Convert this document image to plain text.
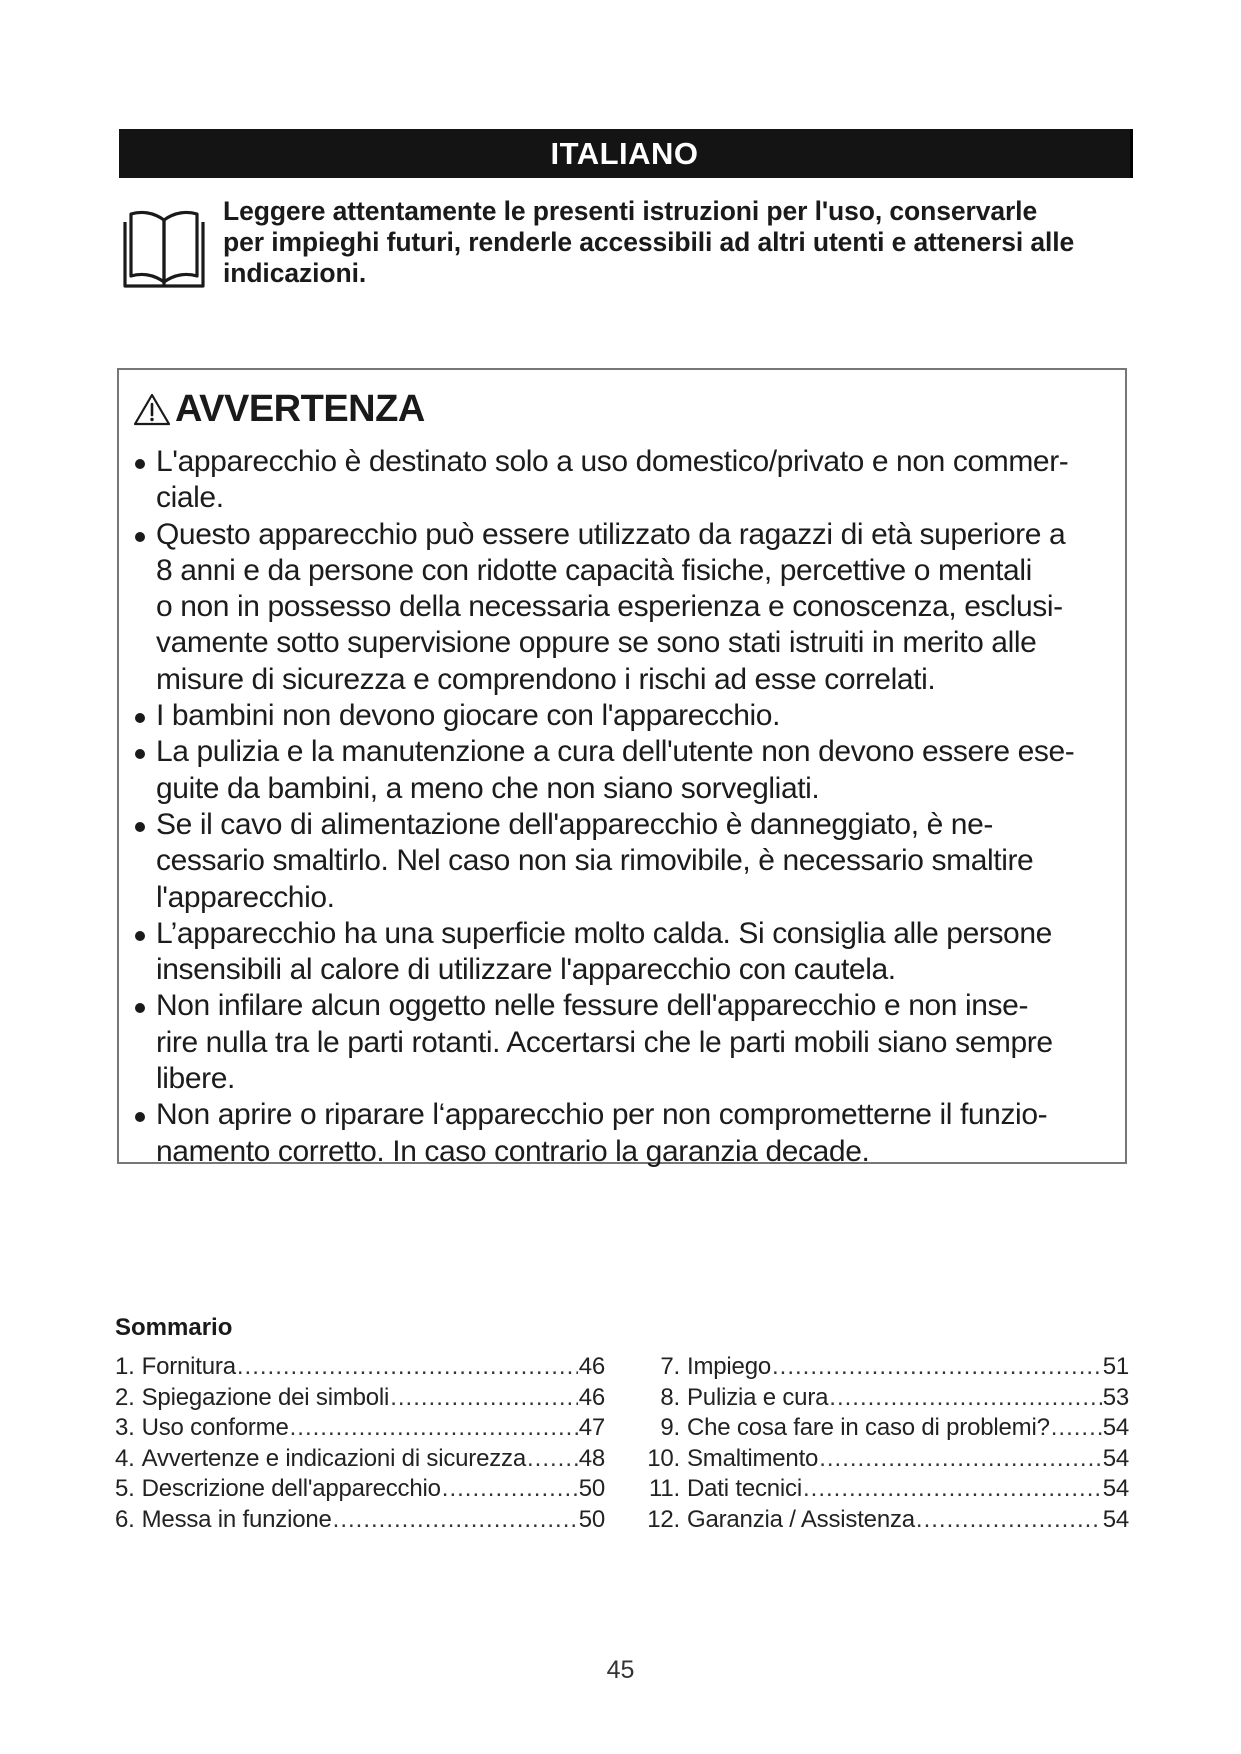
ITALIANO
Leggere attentamente le presenti istruzioni per l'uso, conservarle
per impieghi futuri, renderle accessibili ad altri utenti e attenersi alle
indicazioni.
AVVERTENZA
L'apparecchio è destinato solo a uso domestico/privato e non commer-
ciale.
Questo apparecchio può essere utilizzato da ragazzi di età superiore a
8 anni e da persone con ridotte capacità fisiche, percettive o mentali
o non in possesso della necessaria esperienza e conoscenza, esclusi-
vamente sotto supervisione oppure se sono stati istruiti in merito alle
misure di sicurezza e comprendono i rischi ad esse correlati.
I bambini non devono giocare con l'apparecchio.
La pulizia e la manutenzione a cura dell'utente non devono essere ese-
guite da bambini, a meno che non siano sorvegliati.
Se il cavo di alimentazione dell'apparecchio è danneggiato, è ne-
cessario smaltirlo. Nel caso non sia rimovibile, è necessario smaltire
l'apparecchio.
L’apparecchio ha una superficie molto calda. Si consiglia alle persone
insensibili al calore di utilizzare l'apparecchio con cautela.
Non infilare alcun oggetto nelle fessure dell'apparecchio e non inse-
rire nulla tra le parti rotanti. Accertarsi che le parti mobili siano sempre
libere.
Non aprire o riparare l‘apparecchio per non comprometterne il funzio-
namento corretto. In caso contrario la garanzia decade.
Sommario
1. Fornitura .....	46
2. Spiegazione dei simboli .....	46
3. Uso conforme .....	47
4. Avvertenze e indicazioni di sicurezza ..... 48
5. Descrizione dell'apparecchio .....	50
6. Messa in funzione .....	50
7. Impiego .....	51
8. Pulizia e cura .....	53
9. Che cosa fare in caso di problemi? ..... 54
10. Smaltimento .....	54
11. Dati tecnici .....	54
12. Garanzia / Assistenza .....	54
45
